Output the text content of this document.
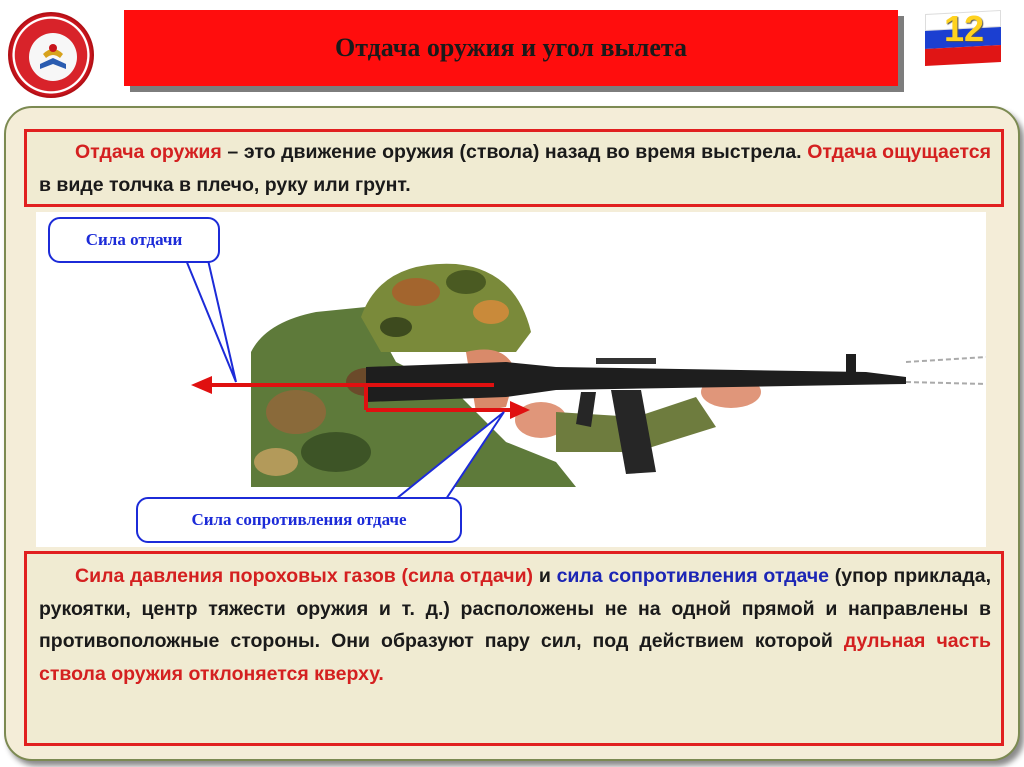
Отдача оружия и угол вылета	12
Отдача оружия – это движение оружия (ствола) назад во время выстрела. Отдача ощущается в виде толчка в плечо, руку или грунт.
Сила отдачи
Сила сопротивления отдаче
Сила давления пороховых газов (сила отдачи) и сила сопротивления отдаче (упор приклада, рукоятки, центр тяжести оружия и т. д.) расположены не на одной прямой и направлены в противоположные стороны. Они образуют пару сил, под действием которой дульная часть ствола оружия отклоняется кверху.
